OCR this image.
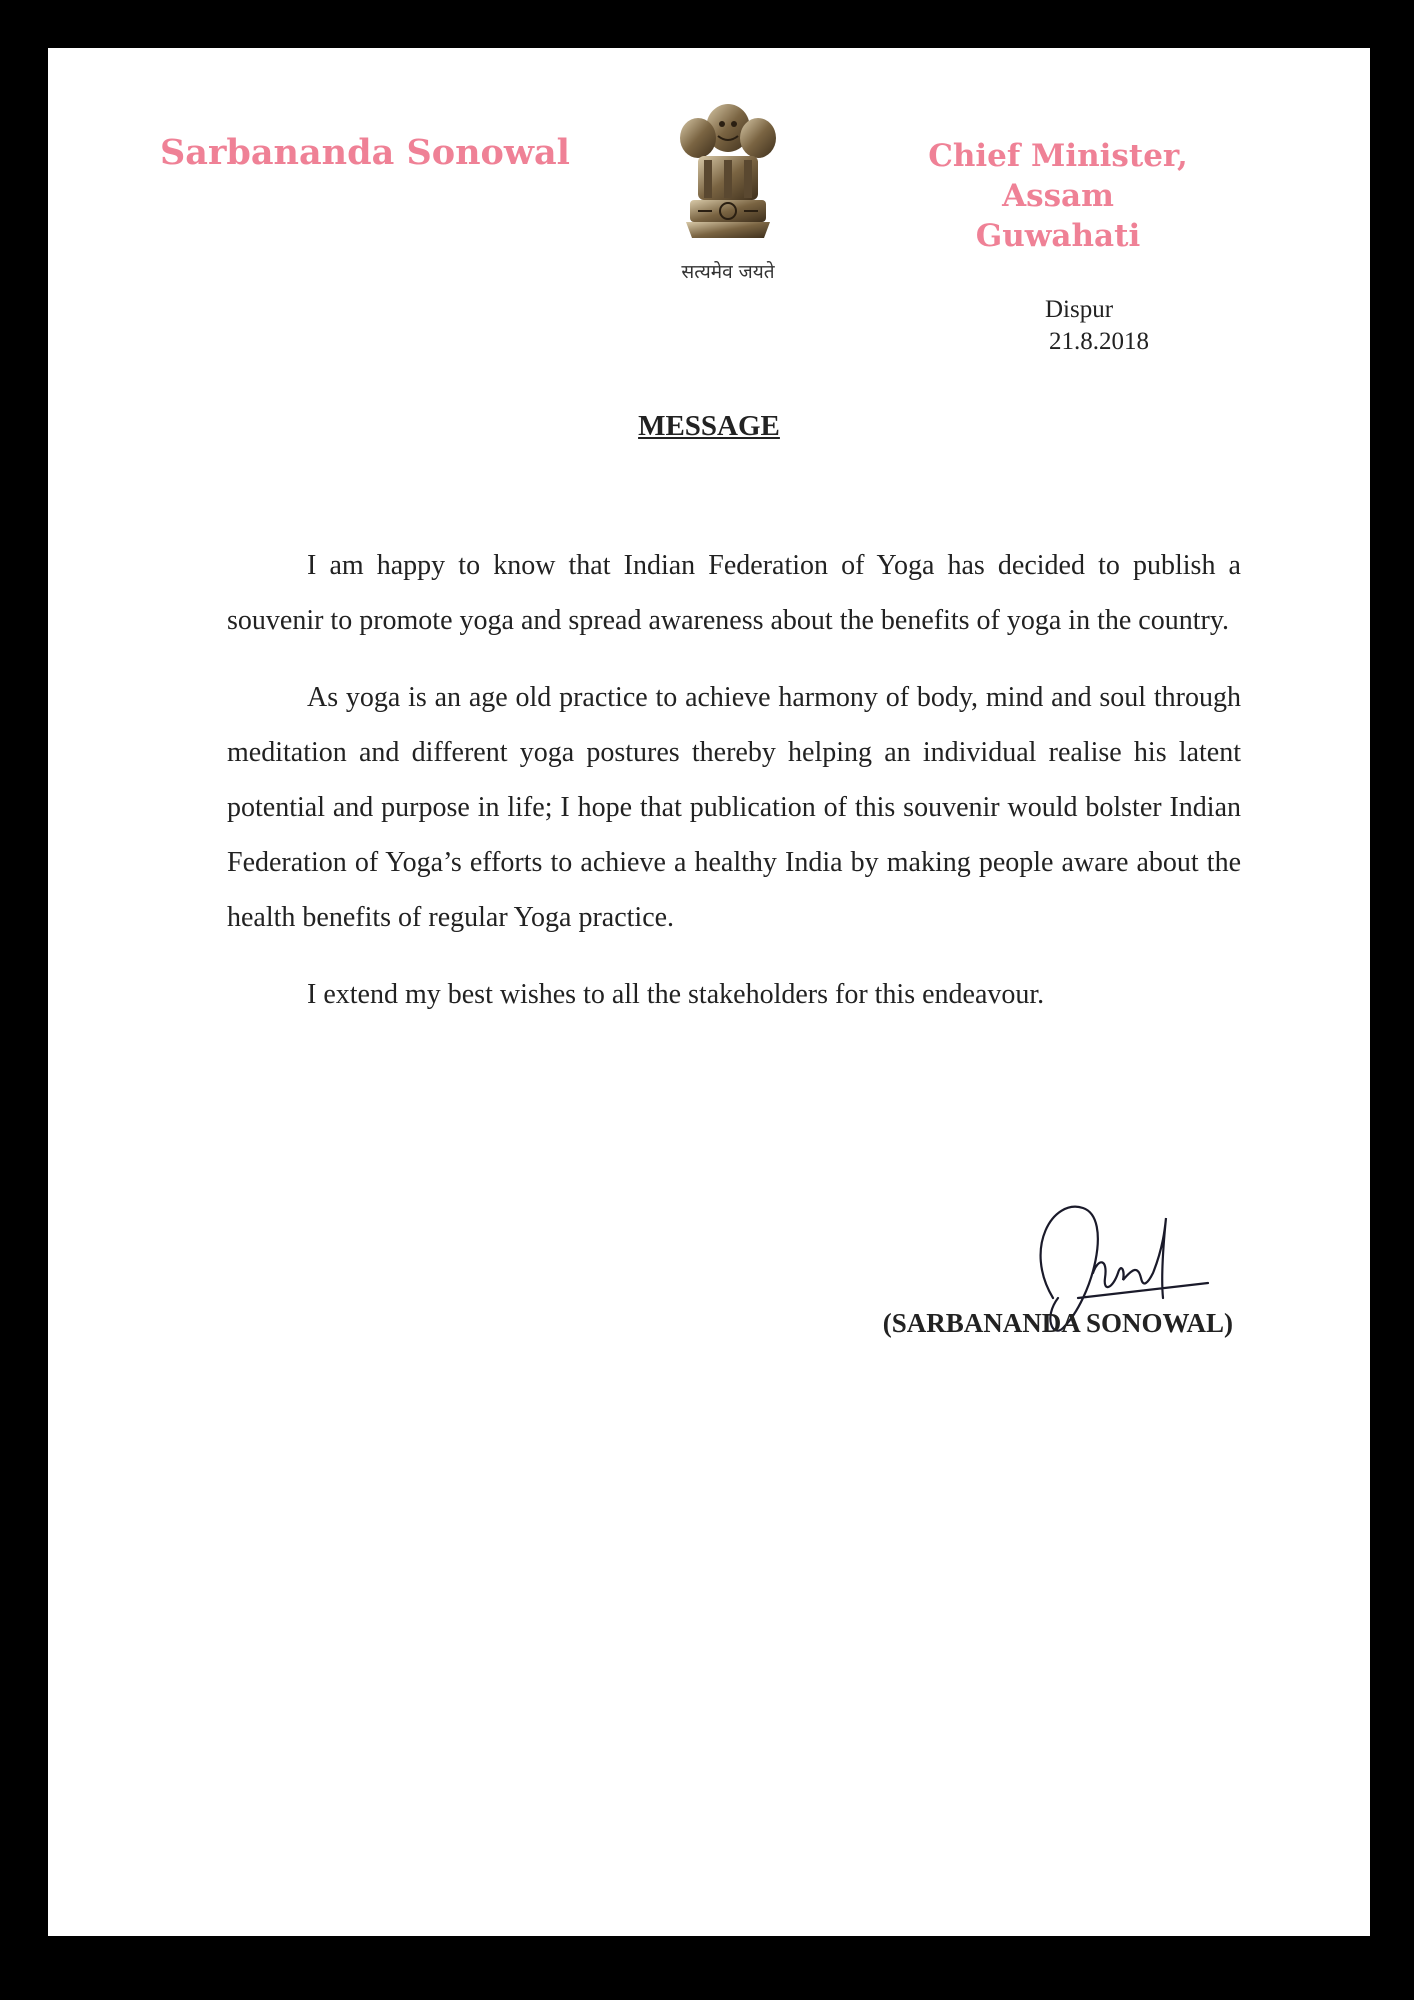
Sarbananda Sonowal
सत्यमेव जयते
Chief Minister, Assam
Guwahati
Dispur
21.8.2018
MESSAGE

I am happy to know that Indian Federation of Yoga has decided to publish a souvenir to promote yoga and spread awareness about the benefits of yoga in the country.

As yoga is an age old practice to achieve harmony of body, mind and soul through meditation and different yoga postures thereby helping an individual realise his latent potential and purpose in life; I hope that publication of this souvenir would bolster Indian Federation of Yoga’s efforts to achieve a healthy India by making people aware about the health benefits of regular Yoga practice.

I extend my best wishes to all the stakeholders for this endeavour.

(SARBANANDA SONOWAL)
